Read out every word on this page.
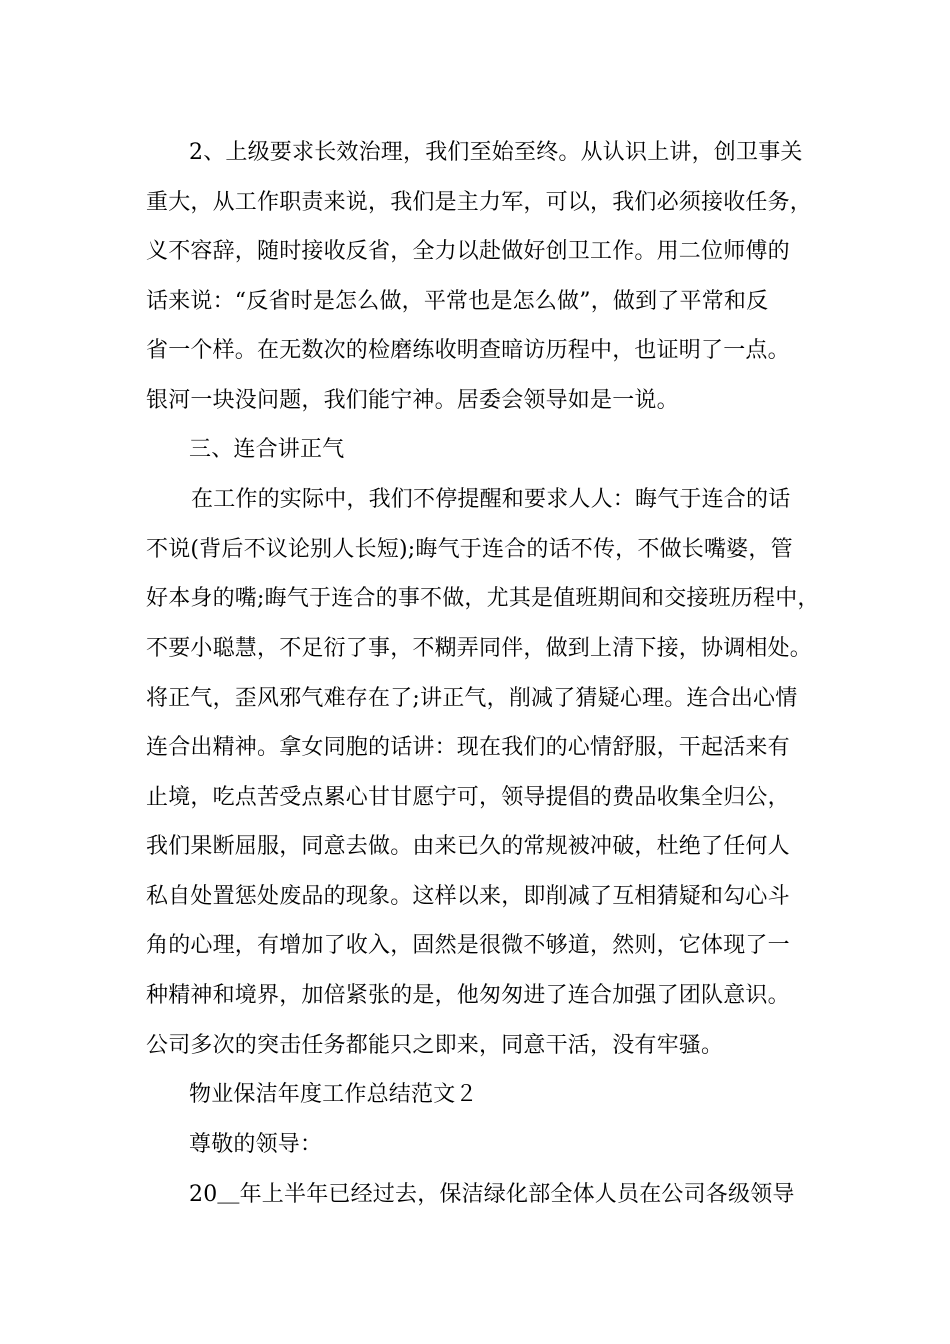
2、上级要求长效治理，我们至始至终。从认识上讲，创卫事关
重大，从工作职责来说，我们是主力军，可以，我们必须接收任务，
义不容辞，随时接收反省，全力以赴做好创卫工作。用二位师傅的
话来说：“反省时是怎么做，平常也是怎么做”，做到了平常和反
省一个样。在无数次的检磨练收明查暗访历程中，也证明了一点。
银河一块没问题，我们能宁神。居委会领导如是一说。
三、连合讲正气
在工作的实际中，我们不停提醒和要求人人：晦气于连合的话
不说(背后不议论别人长短);晦气于连合的话不传，不做长嘴婆，管
好本身的嘴;晦气于连合的事不做，尤其是值班期间和交接班历程中，
不要小聪慧，不足衍了事，不糊弄同伴，做到上清下接，协调相处。
将正气，歪风邪气难存在了;讲正气，削减了猜疑心理。连合出心情
连合出精神。拿女同胞的话讲：现在我们的心情舒服，干起活来有
止境，吃点苦受点累心甘甘愿宁可，领导提倡的费品收集全归公，
我们果断屈服，同意去做。由来已久的常规被冲破，杜绝了任何人
私自处置惩处废品的现象。这样以来，即削减了互相猜疑和勾心斗
角的心理，有增加了收入，固然是很微不够道，然则，它体现了一
种精神和境界，加倍紧张的是，他匆匆进了连合加强了团队意识。
公司多次的突击任务都能只之即来，同意干活，没有牢骚。
物业保洁年度工作总结范文２
尊敬的领导：
20＿年上半年已经过去，保洁绿化部全体人员在公司各级领导
